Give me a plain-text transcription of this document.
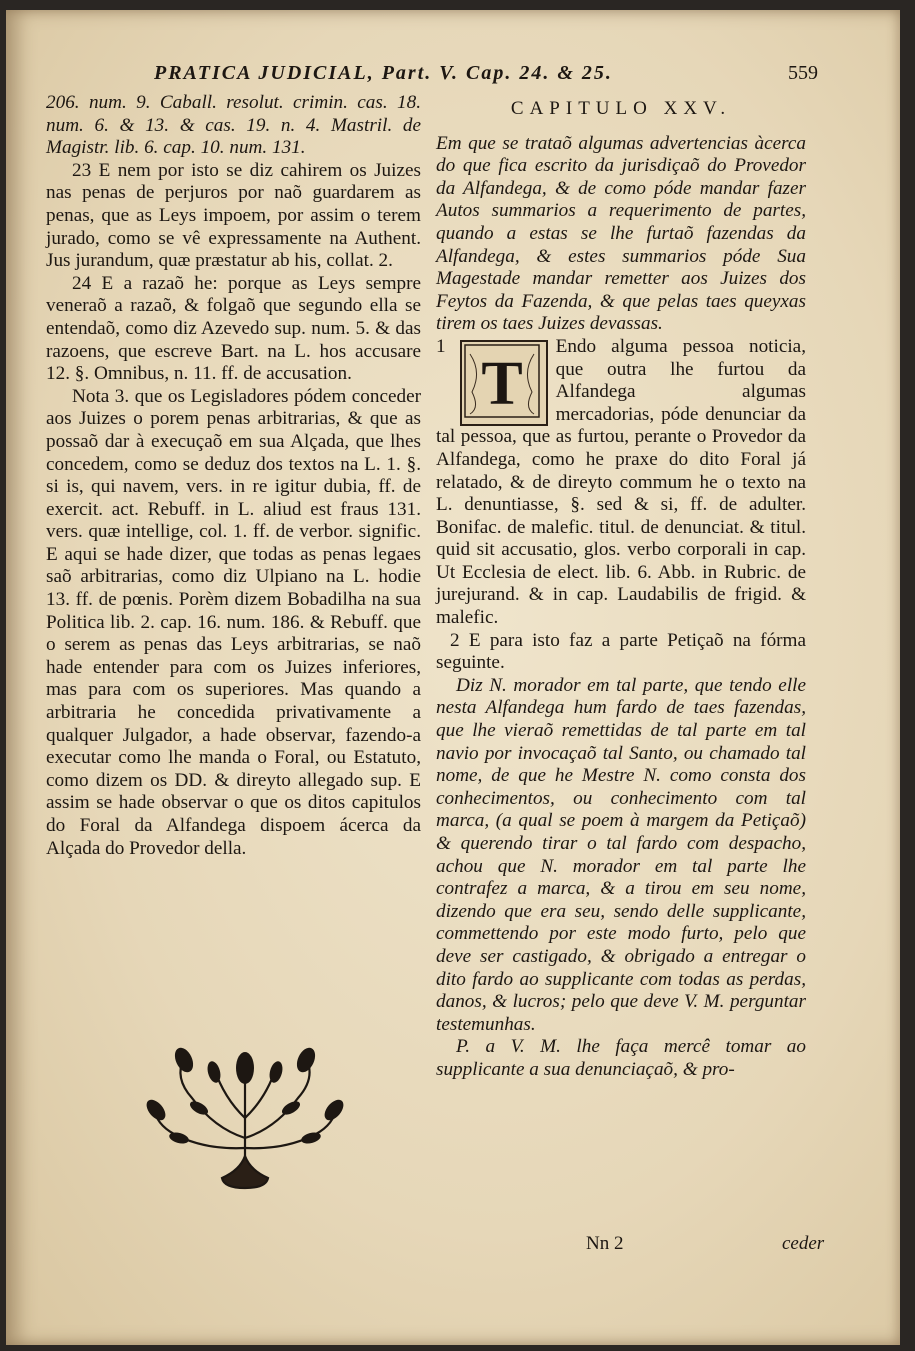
PRATICA JUDICIAL, Part. V. Cap. 24. & 25.	559

206. num. 9. Caball. resolut. crimin. cas. 18. num. 6. & 13. & cas. 19. n. 4. Mastril. de Magistr. lib. 6. cap. 10. num. 131.

23 E nem por isto se diz cahirem os Juizes nas penas de perjuros por naõ guardarem as penas, que as Leys impoem, por assim o terem jurado, como se vê expressamente na Authent. Jus jurandum, quæ præstatur ab his, collat. 2.

24 E a razaõ he: porque as Leys sempre veneraõ a razaõ, & folgaõ que segundo ella se entendaõ, como diz Azevedo sup. num. 5. & das razoens, que escreve Bart. na L. hos accusare 12. §. Omnibus, n. 11. ff. de accusation.

Nota 3. que os Legisladores pódem conceder aos Juizes o porem penas arbitrarias, & que as possaõ dar à execuçaõ em sua Alçada, que lhes concedem, como se deduz dos textos na L. 1. §. si is, qui navem, vers. in re igitur dubia, ff. de exercit. act. Rebuff. in L. aliud est fraus 131. vers. quæ intellige, col. 1. ff. de verbor. signific. E aqui se hade dizer, que todas as penas legaes saõ arbitrarias, como diz Ulpiano na L. hodie 13. ff. de pœnis. Porèm dizem Bobadilha na sua Politica lib. 2. cap. 16. num. 186. & Rebuff. que o serem as penas das Leys arbitrarias, se naõ hade entender para com os Juizes inferiores, mas para com os superiores. Mas quando a arbitraria he concedida privativamente a qualquer Julgador, a hade observar, fazendo-a executar como lhe manda o Foral, ou Estatuto, como dizem os DD. & direyto allegado sup. E assim se hade observar o que os ditos capitulos do Foral da Alfandega dispoem ácerca da Alçada do Provedor della.

CAPITULO XXV.

Em que se trataõ algumas advertencias àcerca do que fica escrito da jurisdiçaõ do Provedor da Alfandega, & de como póde mandar fazer Autos summarios a requerimento de partes, quando a estas se lhe furtaõ fazendas da Alfandega, & estes summarios póde Sua Magestade mandar remetter aos Juizes dos Feytos da Fazenda, & que pelas taes queyxas tirem os taes Juizes devassas.

1
T

Endo alguma pessoa noticia, que outra lhe furtou da Alfandega algumas mercadorias, póde denunciar da tal pessoa, que as furtou, perante o Provedor da Alfandega, como he praxe do dito Foral já relatado, & de direyto commum he o texto na L. denuntiasse, §. sed & si, ff. de adulter. Bonifac. de malefic. titul. de denunciat. & titul. quid sit accusatio, glos. verbo corporali in cap. Ut Ecclesia de elect. lib. 6. Abb. in Rubric. de jurejurand. & in cap. Laudabilis de frigid. & malefic.

2 E para isto faz a parte Petiçaõ na fórma seguinte.

Diz N. morador em tal parte, que tendo elle nesta Alfandega hum fardo de taes fazendas, que lhe vieraõ remettidas de tal parte em tal navio por invocaçaõ tal Santo, ou chamado tal nome, de que he Mestre N. como consta dos conhecimentos, ou conhecimento com tal marca, (a qual se poem à margem da Petiçaõ) & querendo tirar o tal fardo com despacho, achou que N. morador em tal parte lhe contrafez a marca, & a tirou em seu nome, dizendo que era seu, sendo delle supplicante, commettendo por este modo furto, pelo que deve ser castigado, & obrigado a entregar o dito fardo ao supplicante com todas as perdas, danos, & lucros; pelo que deve V. M. perguntar testemunhas.

P. a V. M. lhe faça mercê tomar ao supplicante a sua denunciaçaõ, & pro-

Nn 2	ceder
